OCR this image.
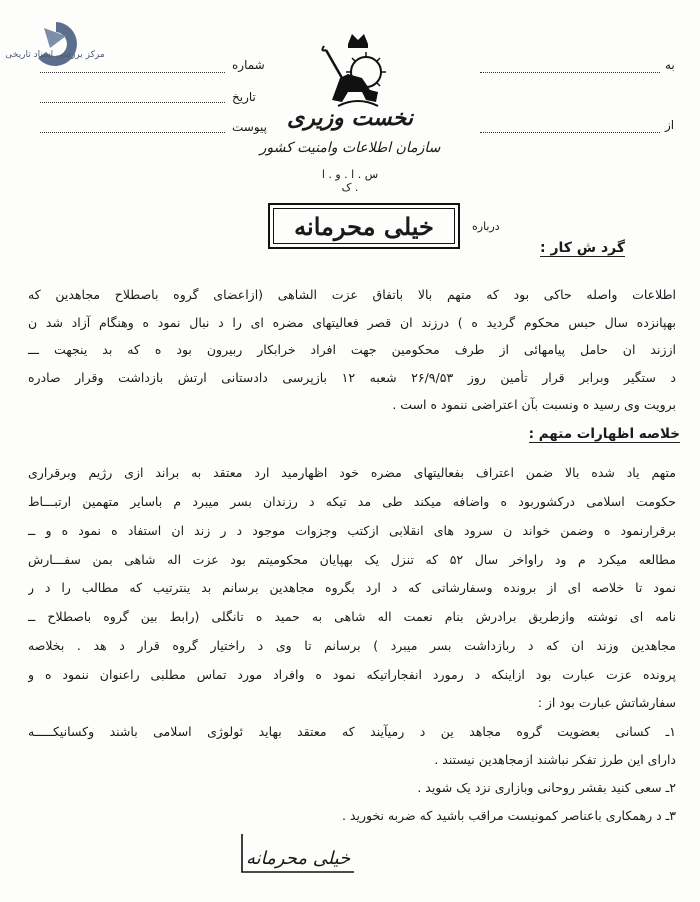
مرکز بررسی اسناد تاریخی
به
از
شماره
تاریخ
پیوست نخست وزیری
سازمان اطلاعات وامنیت کشور
س . ا . و . ا . ک
خیلی محرمانه	درباره
گرد ش کار :
اطلاعات واصله حاکی بود که متهم بالا باتفاق عزت الشاهی (ازاعضای گروه باصطلاح مجاهدین که
بهپانزده سال حبس محکوم گردید ه ) درزند ان قصر فعالیتهای مضره ای را د نبال نمود ه وهنگام آزاد شد ن
اززند ان حامل پیامهائی از طرف محکومین جهت افراد خرابکار ربیرون بود ه که بد ینجهت ـــ
د ستگیر وبرابر قرار تأمین روز ۲۶/۹/۵۳ شعبه ۱۲ بازپرسی دادستانی ارتش بازداشت وقرار صادره
برویت وی رسید ه ونسبت بآن اعتراضی ننمود ه است .
خلاصه اظهارات متهم :
متهم یاد شده بالا ضمن اعتراف بفعالیتهای مضره خود اظهارمید ارد معتقد به براند ازی رژیم وبرقراری
حکومت اسلامی درکشوربود ه واضافه میکند طی مد تیکه د رزندان بسر میبرد م باسایر متهمین ارتبـــاط
برقرارنمود ه وضمن خواند ن سرود های انقلابی ازکتب وجزوات موجود د ر زند ان استفاد ه نمود ه و ــ
مطالعه میکرد م ود راواخر سال ۵۲ که تنزل یک بهپایان محکومیتم بود عزت اله شاهی بمن سفـــارش
نمود تا خلاصه ای از برونده وسفارشاتی که د ارد بگروه مجاهدین برسانم بد ینترتیب که مطالب را د ر
نامه ای نوشته وازطریق برادرش بنام نعمت اله شاهی به حمید ه تانگلی (رابط بین گروه باصطلاح ــ
مجاهدین وزند ان که د ربازداشت بسر میبرد ) برسانم تا وی د راختیار گروه قرار د هد . بخلاصه
پرونده عزت عبارت بود ازاینکه د رمورد انفجاراتیکه نمود ه وافراد مورد تماس مطلبی راعنوان ننمود ه و
سفارشاتش عبارت بود از :
۱ـ کسانی بعضویت گروه مجاهد ین د رمیآیند که معتقد بهاید ئولوژی اسلامی باشند وکسانیکـــــه
دارای این طرز تفکر نباشند ازمجاهدین نیستند .
۲ـ سعی کنید بقشر روحانی وبازاری نزد یک شوید .
۳ـ د رهمکاری باعناصر کمونیست مراقب باشید که ضربه نخورید .
خیلی محرمانه
